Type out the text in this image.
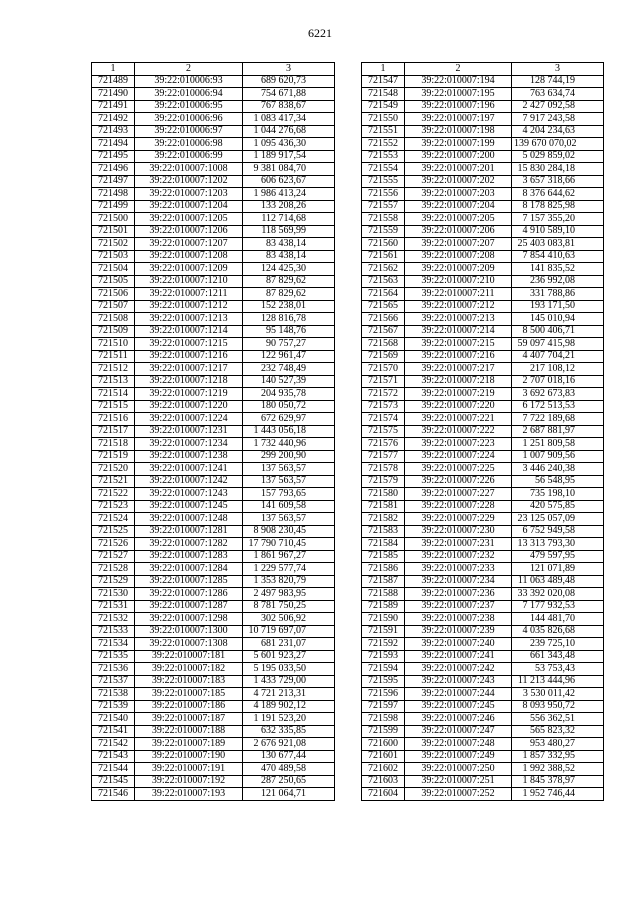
6221
1	2	3
721489	39:22:010006:93	689 620,73
721490	39:22:010006:94	754 671,88
721491	39:22:010006:95	767 838,67
721492	39:22:010006:96	1 083 417,34
721493	39:22:010006:97	1 044 276,68
721494	39:22:010006:98	1 095 436,30
721495	39:22:010006:99	1 189 917,54
721496	39:22:010007:1008	9 381 084,70
721497	39:22:010007:1202	606 623,67
721498	39:22:010007:1203	1 986 413,24
721499	39:22:010007:1204	133 208,26
721500	39:22:010007:1205	112 714,68
721501	39:22:010007:1206	118 569,99
721502	39:22:010007:1207	83 438,14
721503	39:22:010007:1208	83 438,14
721504	39:22:010007:1209	124 425,30
721505	39:22:010007:1210	87 829,62
721506	39:22:010007:1211	87 829,62
721507	39:22:010007:1212	152 238,01
721508	39:22:010007:1213	128 816,78
721509	39:22:010007:1214	95 148,76
721510	39:22:010007:1215	90 757,27
721511	39:22:010007:1216	122 961,47
721512	39:22:010007:1217	232 748,49
721513	39:22:010007:1218	140 527,39
721514	39:22:010007:1219	204 935,78
721515	39:22:010007:1220	180 050,72
721516	39:22:010007:1224	672 629,97
721517	39:22:010007:1231	1 443 056,18
721518	39:22:010007:1234	1 732 440,96
721519	39:22:010007:1238	299 200,90
721520	39:22:010007:1241	137 563,57
721521	39:22:010007:1242	137 563,57
721522	39:22:010007:1243	157 793,65
721523	39:22:010007:1245	141 609,58
721524	39:22:010007:1248	137 563,57
721525	39:22:010007:1281	8 908 230,45
721526	39:22:010007:1282	17 790 710,45
721527	39:22:010007:1283	1 861 967,27
721528	39:22:010007:1284	1 229 577,74
721529	39:22:010007:1285	1 353 820,79
721530	39:22:010007:1286	2 497 983,95
721531	39:22:010007:1287	8 781 750,25
721532	39:22:010007:1298	302 506,92
721533	39:22:010007:1300	10 719 697,07
721534	39:22:010007:1308	681 231,07
721535	39:22:010007:181	5 601 923,27
721536	39:22:010007:182	5 195 033,50
721537	39:22:010007:183	1 433 729,00
721538	39:22:010007:185	4 721 213,31
721539	39:22:010007:186	4 189 902,12
721540	39:22:010007:187	1 191 523,20
721541	39:22:010007:188	632 335,85
721542	39:22:010007:189	2 676 921,08
721543	39:22:010007:190	130 677,44
721544	39:22:010007:191	470 489,58
721545	39:22:010007:192	287 250,65
721546	39:22:010007:193	121 064,71
1	2	3
721547	39:22:010007:194	128 744,19
721548	39:22:010007:195	763 634,74
721549	39:22:010007:196	2 427 092,58
721550	39:22:010007:197	7 917 243,58
721551	39:22:010007:198	4 204 234,63
721552	39:22:010007:199	139 670 070,02
721553	39:22:010007:200	5 029 859,02
721554	39:22:010007:201	15 830 284,18
721555	39:22:010007:202	3 657 318,66
721556	39:22:010007:203	8 376 644,62
721557	39:22:010007:204	8 178 825,98
721558	39:22:010007:205	7 157 355,20
721559	39:22:010007:206	4 910 589,10
721560	39:22:010007:207	25 403 083,81
721561	39:22:010007:208	7 854 410,63
721562	39:22:010007:209	141 835,52
721563	39:22:010007:210	236 992,08
721564	39:22:010007:211	331 788,86
721565	39:22:010007:212	193 171,50
721566	39:22:010007:213	145 010,94
721567	39:22:010007:214	8 500 406,71
721568	39:22:010007:215	59 097 415,98
721569	39:22:010007:216	4 407 704,21
721570	39:22:010007:217	217 108,12
721571	39:22:010007:218	2 707 018,16
721572	39:22:010007:219	3 692 673,83
721573	39:22:010007:220	6 172 513,53
721574	39:22:010007:221	7 722 189,68
721575	39:22:010007:222	2 687 881,97
721576	39:22:010007:223	1 251 809,58
721577	39:22:010007:224	1 007 909,56
721578	39:22:010007:225	3 446 240,38
721579	39:22:010007:226	56 548,95
721580	39:22:010007:227	735 198,10
721581	39:22:010007:228	420 575,85
721582	39:22:010007:229	23 125 057,09
721583	39:22:010007:230	6 752 949,58
721584	39:22:010007:231	13 313 793,30
721585	39:22:010007:232	479 597,95
721586	39:22:010007:233	121 071,89
721587	39:22:010007:234	11 063 489,48
721588	39:22:010007:236	33 392 020,08
721589	39:22:010007:237	7 177 932,53
721590	39:22:010007:238	144 481,70
721591	39:22:010007:239	4 035 826,68
721592	39:22:010007:240	239 725,10
721593	39:22:010007:241	661 343,48
721594	39:22:010007:242	53 753,43
721595	39:22:010007:243	11 213 444,96
721596	39:22:010007:244	3 530 011,42
721597	39:22:010007:245	8 093 950,72
721598	39:22:010007:246	556 362,51
721599	39:22:010007:247	565 823,32
721600	39:22:010007:248	953 480,27
721601	39:22:010007:249	1 857 332,95
721602	39:22:010007:250	1 992 388,52
721603	39:22:010007:251	1 845 378,97
721604	39:22:010007:252	1 952 746,44
